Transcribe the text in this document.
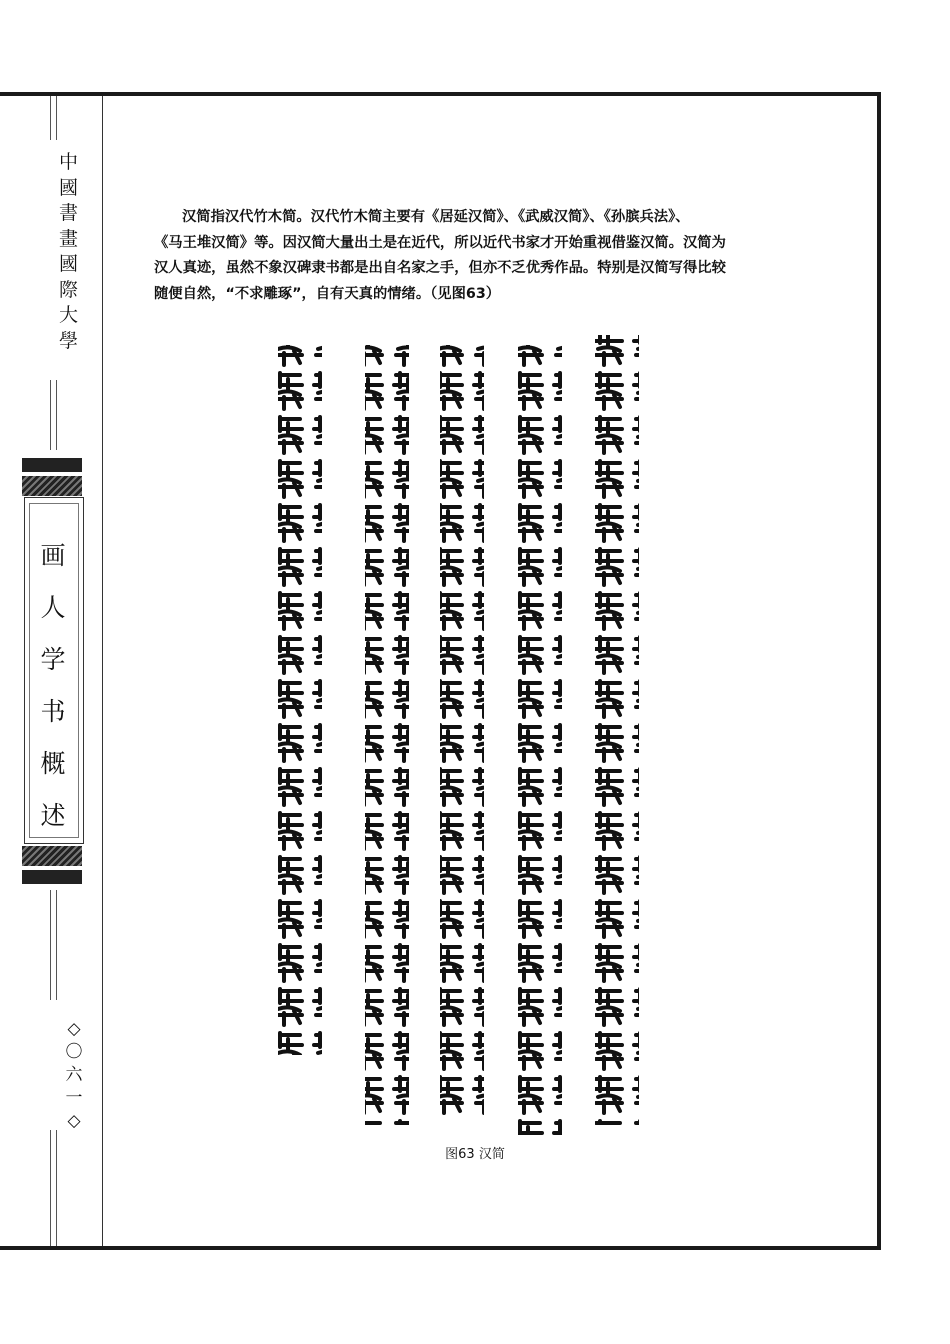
中
國
書
畫
國
際
大
學
画
人
学
书
概
述
◇
〇
六
一
◇

汉简指汉代竹木简。汉代竹木简主要有《居延汉简》、《武威汉简》、《孙膑兵法》、

《马王堆汉简》等。因汉简大量出土是在近代，所以近代书家才开始重视借鉴汉简。汉简为

汉人真迹，虽然不象汉碑隶书都是出自名家之手，但亦不乏优秀作品。特别是汉简写得比较

随便自然，“不求雕琢”，自有天真的情绪。（见图63）

图63 汉简
